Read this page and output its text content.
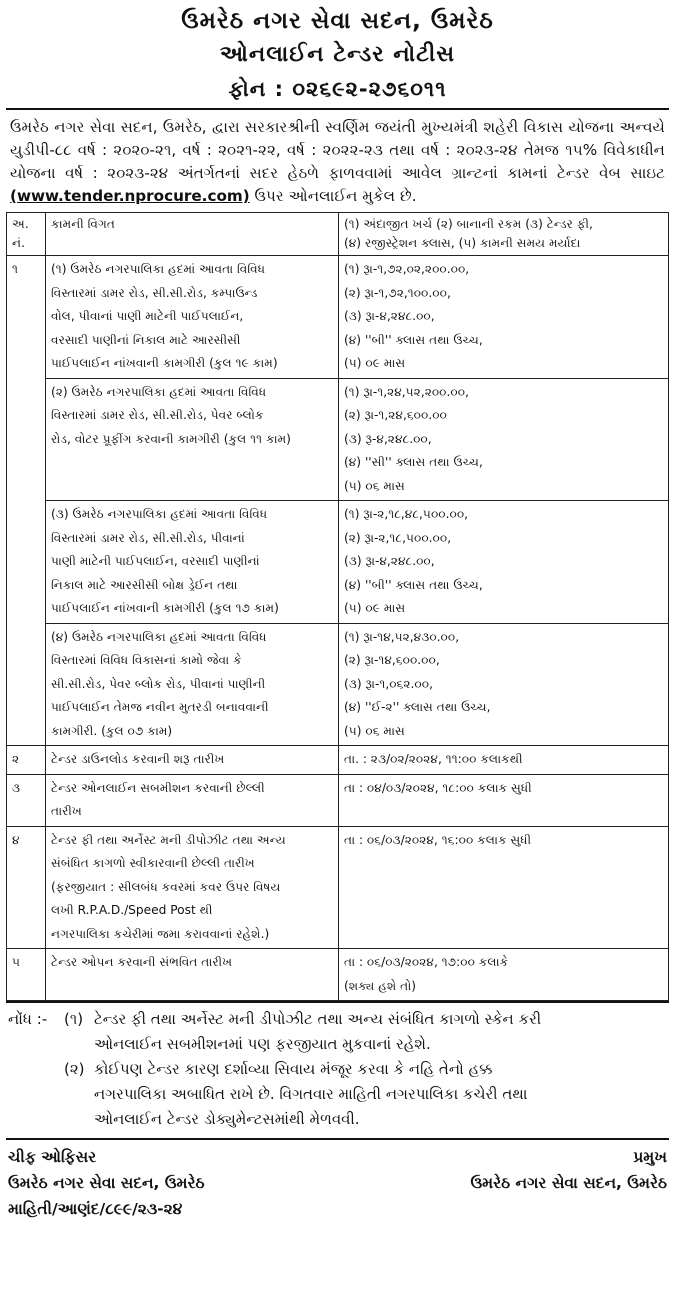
ઉમરેઠ નગર સેવા સદન, ઉમરેઠ
ઓનલાઈન ટેન્ડર નોટીસ
ફોન : ૦૨૬૯૨-૨૭૬૦૧૧
ઉમરેઠ નગર સેવા સદન, ઉમરેઠ, દ્વારા સરકારશ્રીની સ્વર્ણિમ જયંતી મુખ્યમંત્રી શહેરી વિકાસ યોજના અન્વયે યુડીપી-૮૮ વર્ષ : ૨૦૨૦-૨૧, વર્ષ : ૨૦૨૧-૨૨, વર્ષ : ૨૦૨૨-૨૩ તથા વર્ષ : ૨૦૨૩-૨૪ તેમજ ૧૫% વિવેકાધીન યોજના વર્ષ : ૨૦૨૩-૨૪ અંતર્ગતનાં સદર હેઠળે ફાળવવામાં આવેલ ગ્રાન્ટનાં કામનાં ટેન્ડર વેબ સાઇટ (www.tender.nprocure.com) ઉપર ઓનલાઈન મુકેલ છે.
અ.
નં.	કામની વિગત	(૧) અંદાજીત ખર્ચ (૨) બાનાની રકમ (૩) ટેન્ડર ફી,
(૪) રજીસ્ટ્રેશન ક્લાસ, (૫) કામની સમય મર્યાદા

૧	(૧) ઉમરેઠ નગરપાલિકા હદમાં આવતા વિવિધ
વિસ્તારમાં ડામર રોડ, સી.સી.રોડ, કમ્પાઉન્ડ
વોલ, પીવાનાં પાણી માટેની પાઈપલાઈન,
વરસાદી પાણીનાં નિકાલ માટે આરસીસી
પાઈપલાઈન નાંખવાની કામગીરી (કુલ ૧૯ કામ)	(૧) રૂા-૧,૭૨,૦૨,૨૦૦.૦૦,
(૨) રૂા-૧,૭૨,૧૦૦.૦૦,
(૩) રૂા-૪,૨૪૮.૦૦,
(૪) ''બી'' ક્લાસ તથા ઉચ્ચ,
(૫) ૦૯ માસ

	(૨) ઉમરેઠ નગરપાલિકા હદમાં આવતા વિવિધ
વિસ્તારમાં ડામર રોડ, સી.સી.રોડ, પેવર બ્લોક
રોડ, વોટર પ્રૂફીંગ કરવાની કામગીરી (કુલ ૧૧ કામ)	(૧) રૂા-૧,૨૪,૫૨,૨૦૦.૦૦,
(૨) રૂા-૧,૨૪,૬૦૦.૦૦
(૩) રૂ-૪,૨૪૮.૦૦,
(૪) ''સી'' ક્લાસ તથા ઉચ્ચ,
(૫) ૦૬ માસ

	(૩) ઉમરેઠ નગરપાલિકા હદમાં આવતા વિવિધ
વિસ્તારમાં ડામર રોડ, સી.સી.રોડ, પીવાનાં
પાણી માટેની પાઈપલાઈન, વરસાદી પાણીનાં
નિકાલ માટે આરસીસી બોક્ષ ડ્રેઈન તથા
પાઈપલાઈન નાંખવાની કામગીરી (કુલ ૧૭ કામ)	(૧) રૂા-૨,૧૮,૪૮,૫૦૦.૦૦,
(૨) રૂા-૨,૧૮,૫૦૦.૦૦,
(૩) રૂા-૪,૨૪૮.૦૦,
(૪) ''બી'' ક્લાસ તથા ઉચ્ચ,
(૫) ૦૯ માસ

	(૪) ઉમરેઠ નગરપાલિકા હદમાં આવતા વિવિધ
વિસ્તારમાં વિવિધ વિકાસનાં કામો જેવા કે
સી.સી.રોડ, પેવર બ્લોક રોડ, પીવાનાં પાણીની
પાઈપલાઈન તેમજ નવીન મુતરડી બનાવવાની
કામગીરી. (કુલ ૦૭ કામ)	(૧) રૂા-૧૪,૫૨,૪૩૦.૦૦,
(૨) રૂા-૧૪,૬૦૦.૦૦,
(૩) રૂા-૧,૦૬૨.૦૦,
(૪) ''ઈ-૨'' ક્લાસ તથા ઉચ્ચ,
(૫) ૦૬ માસ

૨	ટેન્ડર ડાઉનલોડ કરવાની શરૂ તારીખ	તા. : ૨૩/૦૨/૨૦૨૪, ૧૧:૦૦ કલાકથી

૩	ટેન્ડર ઓનલાઈન સબમીશન કરવાની છેલ્લી
તારીખ	તા : ૦૪/૦૩/૨૦૨૪, ૧૮:૦૦ કલાક સુધી

૪	ટેન્ડર ફી તથા અર્નેસ્ટ મની ડીપોઝીટ તથા અન્ય
સંબંધિત કાગળો સ્વીકારવાની છેલ્લી તારીખ
(ફરજીયાત : સીલબંધ કવરમાં કવર ઉપર વિષય
લખી R.P.A.D./Speed Post થી
નગરપાલિકા કચેરીમાં જમા કરાવવાનાં રહેશે.)	તા : ૦૬/૦૩/૨૦૨૪, ૧૬:૦૦ કલાક સુધી

૫	ટેન્ડર ઓપન કરવાની સંભવિત તારીખ	તા : ૦૬/૦૩/૨૦૨૪, ૧૭:૦૦ કલાકે
(શક્ય હશે તો)
નોંધ :-	(૧) ટેન્ડર ફી તથા અર્નેસ્ટ મની ડીપોઝીટ તથા અન્ય સંબંધિત કાગળો સ્કેન કરી
ઓનલાઈન સબમીશનમાં પણ ફરજીયાત મુકવાનાં રહેશે.
(૨) કોઈપણ ટેન્ડર કારણ દર્શાવ્યા સિવાય મંજૂર કરવા કે નહિ તેનો હક્ક
નગરપાલિકા અબાધિત રાખે છે. વિગતવાર માહિતી નગરપાલિકા કચેરી તથા
ઓનલાઈન ટેન્ડર ડોક્યુમેન્ટસમાંથી મેળવવી.
ચીફ ઓફિસર
ઉમરેઠ નગર સેવા સદન, ઉમરેઠ
માહિતી/આણંદ/૮૯૯/૨૩-૨૪
પ્રમુખ
ઉમરેઠ નગર સેવા સદન, ઉમરેઠ
